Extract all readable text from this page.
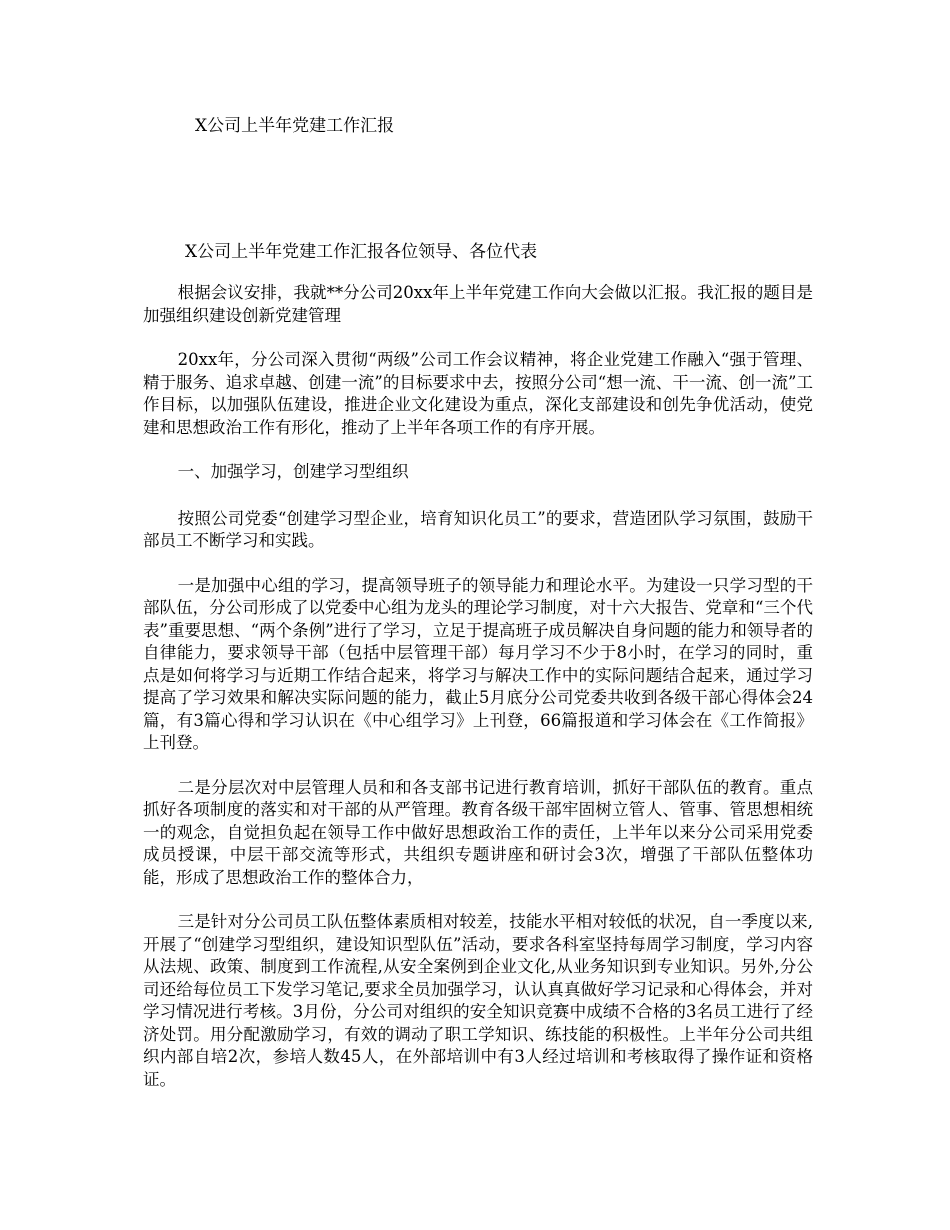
X公司上半年党建工作汇报
X公司上半年党建工作汇报各位领导、各位代表

根据会议安排，我就**分公司20xx年上半年党建工作向大会做以汇报。我汇报的题目是加强组织建设创新党建管理

20xx年，分公司深入贯彻“两级”公司工作会议精神，将企业党建工作融入“强于管理、精于服务、追求卓越、创建一流”的目标要求中去，按照分公司“想一流、干一流、创一流”工作目标，以加强队伍建设，推进企业文化建设为重点，深化支部建设和创先争优活动，使党建和思想政治工作有形化，推动了上半年各项工作的有序开展。

一、加强学习，创建学习型组织

按照公司党委“创建学习型企业，培育知识化员工”的要求，营造团队学习氛围，鼓励干部员工不断学习和实践。

一是加强中心组的学习，提高领导班子的领导能力和理论水平。为建设一只学习型的干部队伍，分公司形成了以党委中心组为龙头的理论学习制度，对十六大报告、党章和“三个代表”重要思想、“两个条例”进行了学习，立足于提高班子成员解决自身问题的能力和领导者的自律能力，要求领导干部（包括中层管理干部）每月学习不少于8小时，在学习的同时，重点是如何将学习与近期工作结合起来，将学习与解决工作中的实际问题结合起来，通过学习提高了学习效果和解决实际问题的能力，截止5月底分公司党委共收到各级干部心得体会24篇，有3篇心得和学习认识在《中心组学习》上刊登，66篇报道和学习体会在《工作简报》上刊登。

二是分层次对中层管理人员和和各支部书记进行教育培训，抓好干部队伍的教育。重点抓好各项制度的落实和对干部的从严管理。教育各级干部牢固树立管人、管事、管思想相统一的观念，自觉担负起在领导工作中做好思想政治工作的责任，上半年以来分公司采用党委成员授课，中层干部交流等形式，共组织专题讲座和研讨会3次，增强了干部队伍整体功能，形成了思想政治工作的整体合力，

三是针对分公司员工队伍整体素质相对较差，技能水平相对较低的状况，自一季度以来,开展了“创建学习型组织，建设知识型队伍”活动，要求各科室坚持每周学习制度，学习内容从法规、政策、制度到工作流程,从安全案例到企业文化,从业务知识到专业知识。另外,分公司还给每位员工下发学习笔记,要求全员加强学习，认认真真做好学习记录和心得体会，并对学习情况进行考核。3月份，分公司对组织的安全知识竞赛中成绩不合格的3名员工进行了经济处罚。用分配激励学习，有效的调动了职工学知识、练技能的积极性。上半年分公司共组织内部自培2次，参培人数45人，在外部培训中有3人经过培训和考核取得了操作证和资格证。
